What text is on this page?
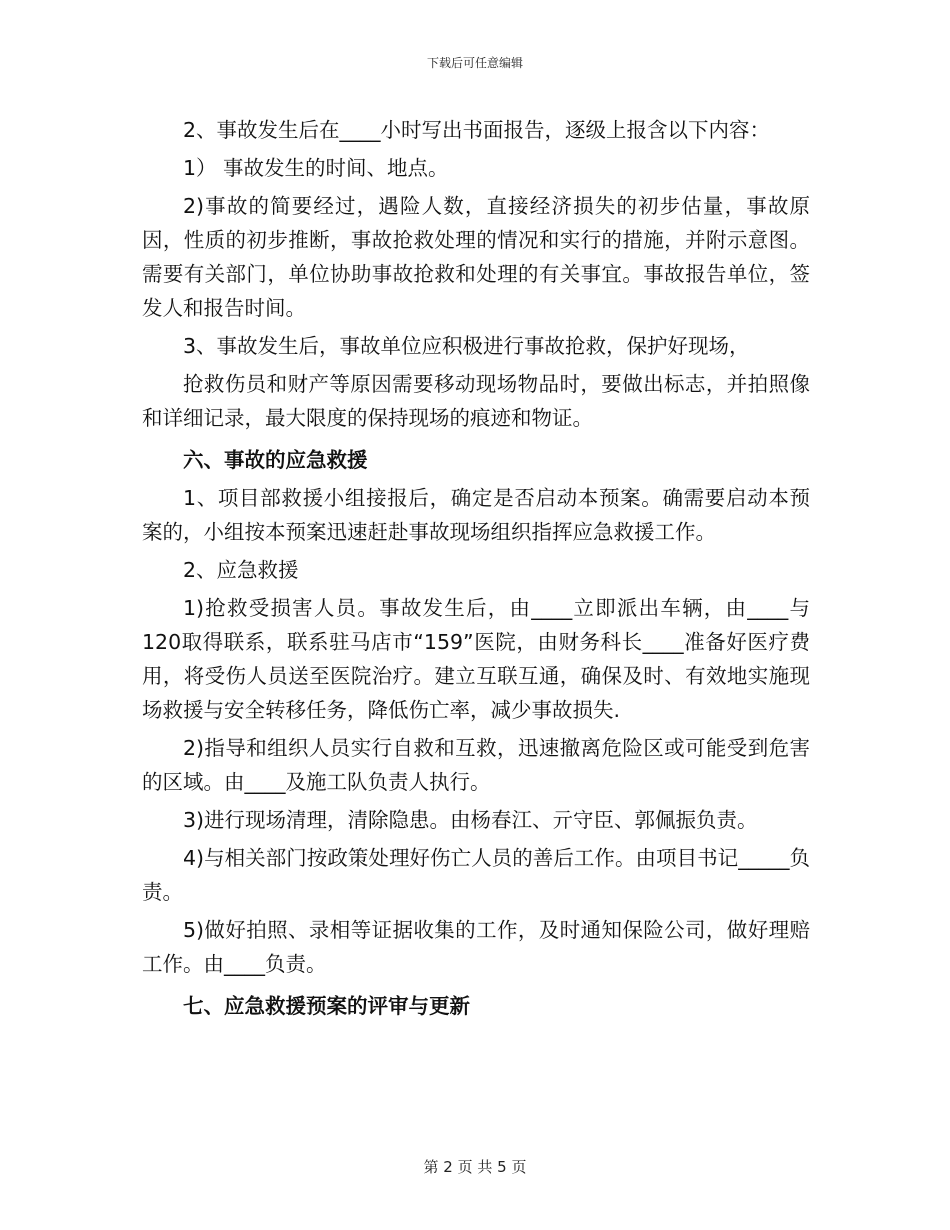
下载后可任意编辑

2、事故发生后在____小时写出书面报告，逐级上报含以下内容：

1） 事故发生的时间、地点。

2)事故的简要经过，遇险人数，直接经济损失的初步估量，事故原因，性质的初步推断，事故抢救处理的情况和实行的措施，并附示意图。需要有关部门，单位协助事故抢救和处理的有关事宜。事故报告单位，签发人和报告时间。

3、事故发生后，事故单位应积极进行事故抢救，保护好现场，

抢救伤员和财产等原因需要移动现场物品时，要做出标志，并拍照像和详细记录，最大限度的保持现场的痕迹和物证。

六、事故的应急救援

1、项目部救援小组接报后，确定是否启动本预案。确需要启动本预案的，小组按本预案迅速赶赴事故现场组织指挥应急救援工作。

2、应急救援

1)抢救受损害人员。事故发生后，由____立即派出车辆，由____与120取得联系，联系驻马店市“159”医院，由财务科长____准备好医疗费用，将受伤人员送至医院治疗。建立互联互通，确保及时、有效地实施现场救援与安全转移任务，降低伤亡率，减少事故损失.

2)指导和组织人员实行自救和互救，迅速撤离危险区或可能受到危害的区域。由____及施工队负责人执行。

3)进行现场清理，清除隐患。由杨春江、亓守臣、郭佩振负责。

4)与相关部门按政策处理好伤亡人员的善后工作。由项目书记_____负责。

5)做好拍照、录相等证据收集的工作，及时通知保险公司，做好理赔工作。由____负责。

七、应急救援预案的评审与更新

第 2 页 共 5 页
